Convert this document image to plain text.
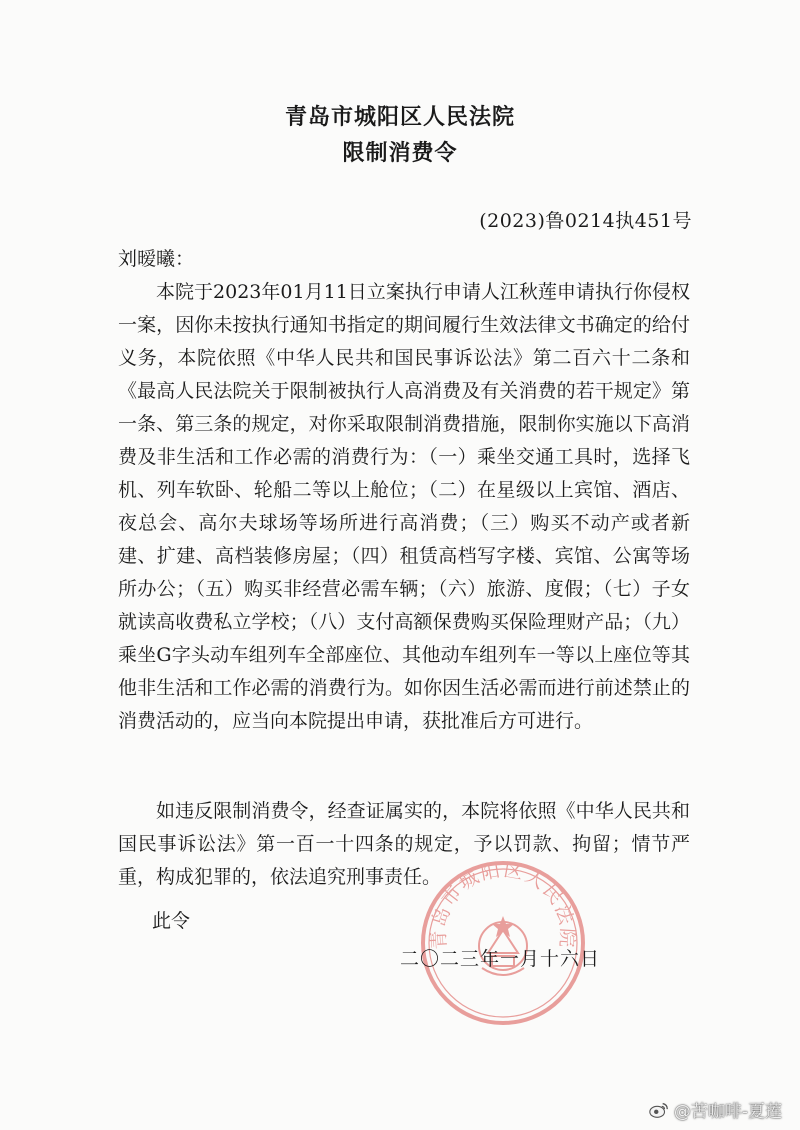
青岛市城阳区人民法院
限制消费令
(2023)鲁0214执451号
刘暧曦：

本院于2023年01月11日立案执行申请人江秋莲申请执行你侵权一案，因你未按执行通知书指定的期间履行生效法律文书确定的给付义务，本院依照《中华人民共和国民事诉讼法》第二百六十二条和《最高人民法院关于限制被执行人高消费及有关消费的若干规定》第一条、第三条的规定，对你采取限制消费措施，限制你实施以下高消费及非生活和工作必需的消费行为：（一）乘坐交通工具时，选择飞机、列车软卧、轮船二等以上舱位；（二）在星级以上宾馆、酒店、夜总会、高尔夫球场等场所进行高消费；（三）购买不动产或者新建、扩建、高档装修房屋；（四）租赁高档写字楼、宾馆、公寓等场所办公；（五）购买非经营必需车辆；（六）旅游、度假；（七）子女就读高收费私立学校；（八）支付高额保费购买保险理财产品；（九）乘坐G字头动车组列车全部座位、其他动车组列车一等以上座位等其他非生活和工作必需的消费行为。如你因生活必需而进行前述禁止的消费活动的，应当向本院提出申请，获批准后方可进行。

如违反限制消费令，经查证属实的，本院将依照《中华人民共和国民事诉讼法》第一百一十四条的规定，予以罚款、拘留；情节严重，构成犯罪的，依法追究刑事责任。

此令
青岛市城阳区人民法院
二〇二三年一月十六日
@苦咖啡-夏莲
